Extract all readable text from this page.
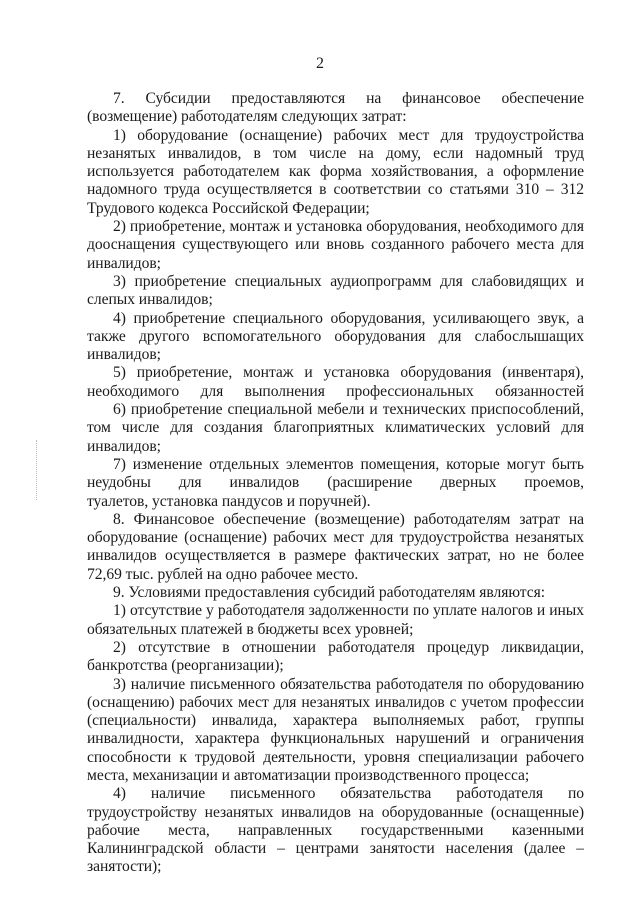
2
7. Субсидии предоставляются на финансовое обеспечение
(возмещение) работодателям следующих затрат:
1) оборудование (оснащение) рабочих мест для трудоустройства
незанятых инвалидов, в том числе на дому, если надомный труд
используется работодателем как форма хозяйствования, а оформление
надомного труда осуществляется в соответствии со статьями 310 – 312
Трудового кодекса Российской Федерации;
2) приобретение, монтаж и установка оборудования, необходимого для
дооснащения существующего или вновь созданного рабочего места для
инвалидов;
3) приобретение специальных аудиопрограмм для слабовидящих и
слепых инвалидов;
4) приобретение специального оборудования, усиливающего звук, а
также другого вспомогательного оборудования для слабослышащих
инвалидов;
5) приобретение, монтаж и установка оборудования (инвентаря),
необходимого для выполнения профессиональных обязанностей
6) приобретение специальной мебели и технических приспособлений,
том числе для создания благоприятных климатических условий для
инвалидов;
7) изменение отдельных элементов помещения, которые могут быть
неудобны для инвалидов (расширение дверных проемов,
туалетов, установка пандусов и поручней).
8. Финансовое обеспечение (возмещение) работодателям затрат на
оборудование (оснащение) рабочих мест для трудоустройства незанятых
инвалидов осуществляется в размере фактических затрат, но не более
72,69 тыс. рублей на одно рабочее место.
9. Условиями предоставления субсидий работодателям являются:
1) отсутствие у работодателя задолженности по уплате налогов и иных
обязательных платежей в бюджеты всех уровней;
2) отсутствие в отношении работодателя процедур ликвидации,
банкротства (реорганизации);
3) наличие письменного обязательства работодателя по оборудованию
(оснащению) рабочих мест для незанятых инвалидов с учетом профессии
(специальности) инвалида, характера выполняемых работ, группы
инвалидности, характера функциональных нарушений и ограничения
способности к трудовой деятельности, уровня специализации рабочего
места, механизации и автоматизации производственного процесса;
4) наличие письменного обязательства работодателя по
трудоустройству незанятых инвалидов на оборудованные (оснащенные)
рабочие места, направленных государственными казенными
Калининградской области – центрами занятости населения (далее –
занятости);
